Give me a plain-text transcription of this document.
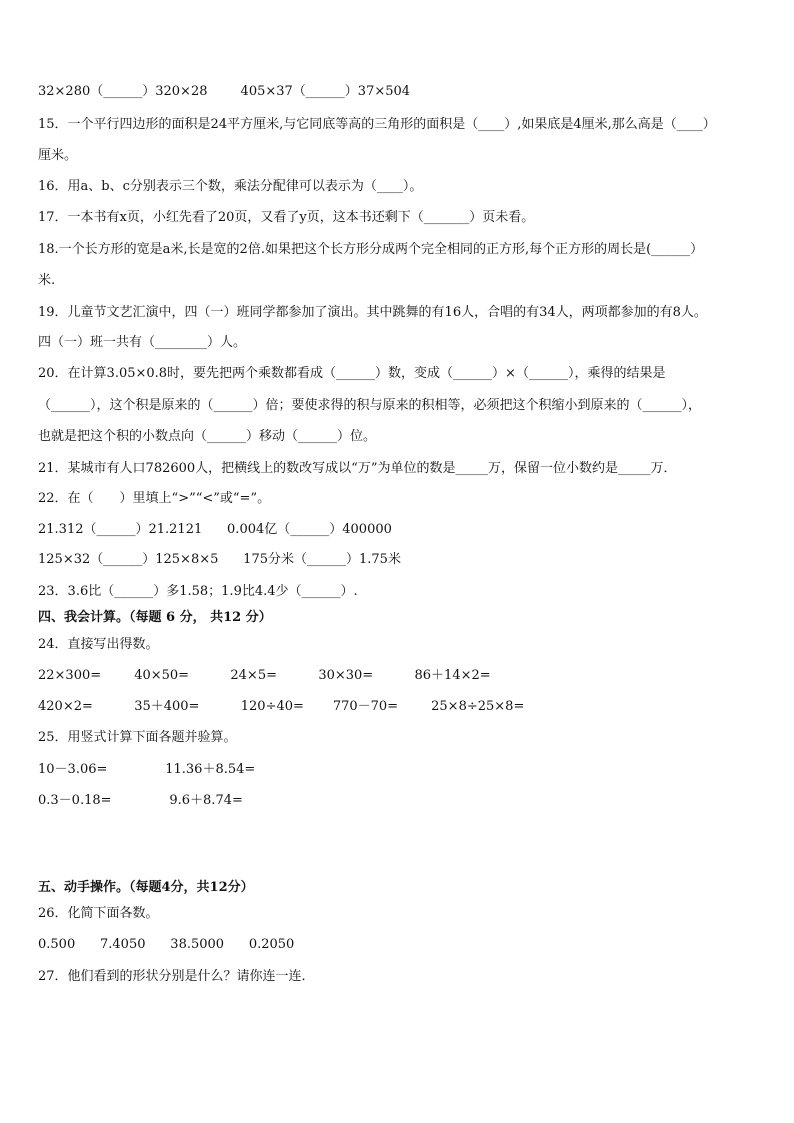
32×280（______）320×28        405×37（______）37×504
15．一个平行四边形的面积是24平方厘米,与它同底等高的三角形的面积是（____）,如果底是4厘米,那么高是（____）
厘米。
16．用a、b、c分别表示三个数，乘法分配律可以表示为（____）。
17．一本书有x页，小红先看了20页，又看了y页，这本书还剩下（_______）页未看。
18.一个长方形的宽是a米,长是宽的2倍.如果把这个长方形分成两个完全相同的正方形,每个正方形的周长是(______）
米.
19．儿童节文艺汇演中，四（一）班同学都参加了演出。其中跳舞的有16人，合唱的有34人，两项都参加的有8人。
四（一）班一共有（________）人。
20．在计算3.05×0.8时，要先把两个乘数都看成（______）数，变成（______）×（______），乘得的结果是
（______），这个积是原来的（______）倍；要使求得的积与原来的积相等，必须把这个积缩小到原来的（______），
也就是把这个积的小数点向（______）移动（______）位。
21．某城市有人口782600人，把横线上的数改写成以“万”为单位的数是_____万，保留一位小数约是_____万．
22．在（　　）里填上“>”“<”或“=”。
21.312（______）21.2121      0.004亿（______）400000
125×32（______）125×8×5      175分米（______）1.75米
23．3.6比（______）多1.58；1.9比4.4少（______）.
四、我会计算。（每题 6 分， 共12 分）
24．直接写出得数。
22×300=        40×50=          24×5=          30×30=          86＋14×2=
420×2=          35＋400=          120÷40=       770－70=        25×8÷25×8=
25．用竖式计算下面各题并验算。
10－3.06=              11.36＋8.54=
0.3－0.18=              9.6＋8.74=
五、动手操作。（每题4分，共12分）
26．化简下面各数。
0.500      7.4050      38.5000      0.2050
27．他们看到的形状分别是什么？请你连一连．
